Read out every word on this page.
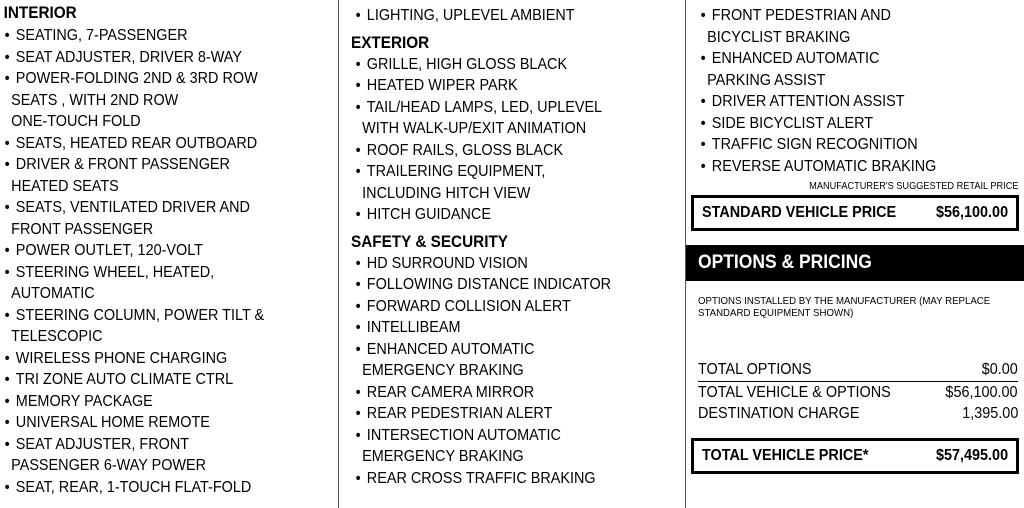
INTERIOR
• SEATING, 7-PASSENGER
• SEAT ADJUSTER, DRIVER 8-WAY
• POWER-FOLDING 2ND & 3RD ROW
SEATS , WITH 2ND ROW
ONE-TOUCH FOLD
• SEATS, HEATED REAR OUTBOARD
• DRIVER & FRONT PASSENGER
HEATED SEATS
• SEATS, VENTILATED DRIVER AND
FRONT PASSENGER
• POWER OUTLET, 120-VOLT
• STEERING WHEEL, HEATED,
AUTOMATIC
• STEERING COLUMN, POWER TILT &
TELESCOPIC
• WIRELESS PHONE CHARGING
• TRI ZONE AUTO CLIMATE CTRL
• MEMORY PACKAGE
• UNIVERSAL HOME REMOTE
• SEAT ADJUSTER, FRONT
PASSENGER 6-WAY POWER
• SEAT, REAR, 1-TOUCH FLAT-FOLD
• LIGHTING, UPLEVEL AMBIENT
EXTERIOR
• GRILLE, HIGH GLOSS BLACK
• HEATED WIPER PARK
• TAIL/HEAD LAMPS, LED, UPLEVEL
WITH WALK-UP/EXIT ANIMATION
• ROOF RAILS, GLOSS BLACK
• TRAILERING EQUIPMENT,
INCLUDING HITCH VIEW
• HITCH GUIDANCE
SAFETY & SECURITY
• HD SURROUND VISION
• FOLLOWING DISTANCE INDICATOR
• FORWARD COLLISION ALERT
• INTELLIBEAM
• ENHANCED AUTOMATIC
EMERGENCY BRAKING
• REAR CAMERA MIRROR
• REAR PEDESTRIAN ALERT
• INTERSECTION AUTOMATIC
EMERGENCY BRAKING
• REAR CROSS TRAFFIC BRAKING
• FRONT PEDESTRIAN AND
BICYCLIST BRAKING
• ENHANCED AUTOMATIC
PARKING ASSIST
• DRIVER ATTENTION ASSIST
• SIDE BICYCLIST ALERT
• TRAFFIC SIGN RECOGNITION
• REVERSE AUTOMATIC BRAKING
MANUFACTURER'S SUGGESTED RETAIL PRICE
STANDARD VEHICLE PRICE $56,100.00
OPTIONS & PRICING
OPTIONS INSTALLED BY THE MANUFACTURER (MAY REPLACE STANDARD EQUIPMENT SHOWN)
TOTAL OPTIONS	$0.00
TOTAL VEHICLE & OPTIONS	$56,100.00
DESTINATION CHARGE	1,395.00
TOTAL VEHICLE PRICE*	$57,495.00
